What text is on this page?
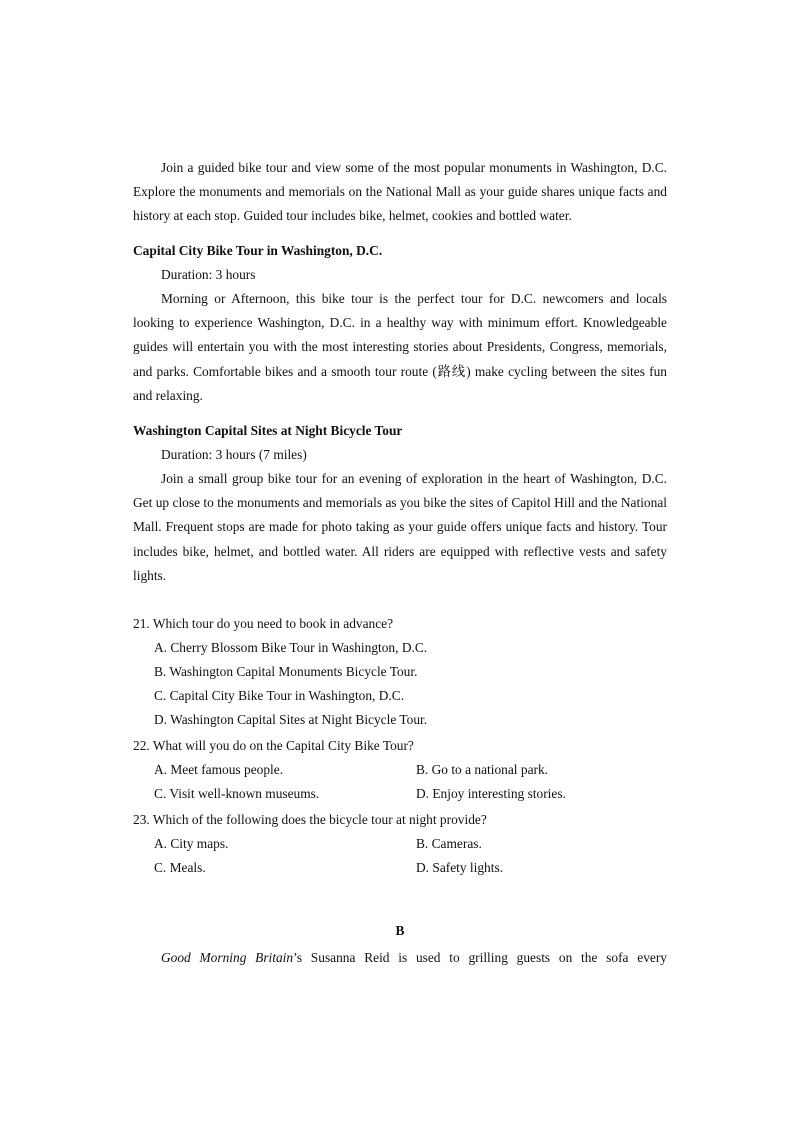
Join a guided bike tour and view some of the most popular monuments in Washington, D.C. Explore the monuments and memorials on the National Mall as your guide shares unique facts and history at each stop. Guided tour includes bike, helmet, cookies and bottled water.

Capital City Bike Tour in Washington, D.C.

Duration: 3 hours

Morning or Afternoon, this bike tour is the perfect tour for D.C. newcomers and locals looking to experience Washington, D.C. in a healthy way with minimum effort. Knowledgeable guides will entertain you with the most interesting stories about Presidents, Congress, memorials, and parks. Comfortable bikes and a smooth tour route (路线) make cycling between the sites fun and relaxing.

Washington Capital Sites at Night Bicycle Tour

Duration: 3 hours (7 miles)

Join a small group bike tour for an evening of exploration in the heart of Washington, D.C. Get up close to the monuments and memorials as you bike the sites of Capitol Hill and the National Mall. Frequent stops are made for photo taking as your guide offers unique facts and history. Tour includes bike, helmet, and bottled water. All riders are equipped with reflective vests and safety lights.

21. Which tour do you need to book in advance?

A. Cherry Blossom Bike Tour in Washington, D.C.

B. Washington Capital Monuments Bicycle Tour.

C. Capital City Bike Tour in Washington, D.C.

D. Washington Capital Sites at Night Bicycle Tour.

22. What will you do on the Capital City Bike Tour?

A. Meet famous people.	B. Go to a national park.
C. Visit well-known museums.	D. Enjoy interesting stories.

23. Which of the following does the bicycle tour at night provide?

A. City maps.	B. Cameras.
C. Meals.	D. Safety lights.

B

Good Morning Britain’s Susanna Reid is used to grilling guests on the sofa every
